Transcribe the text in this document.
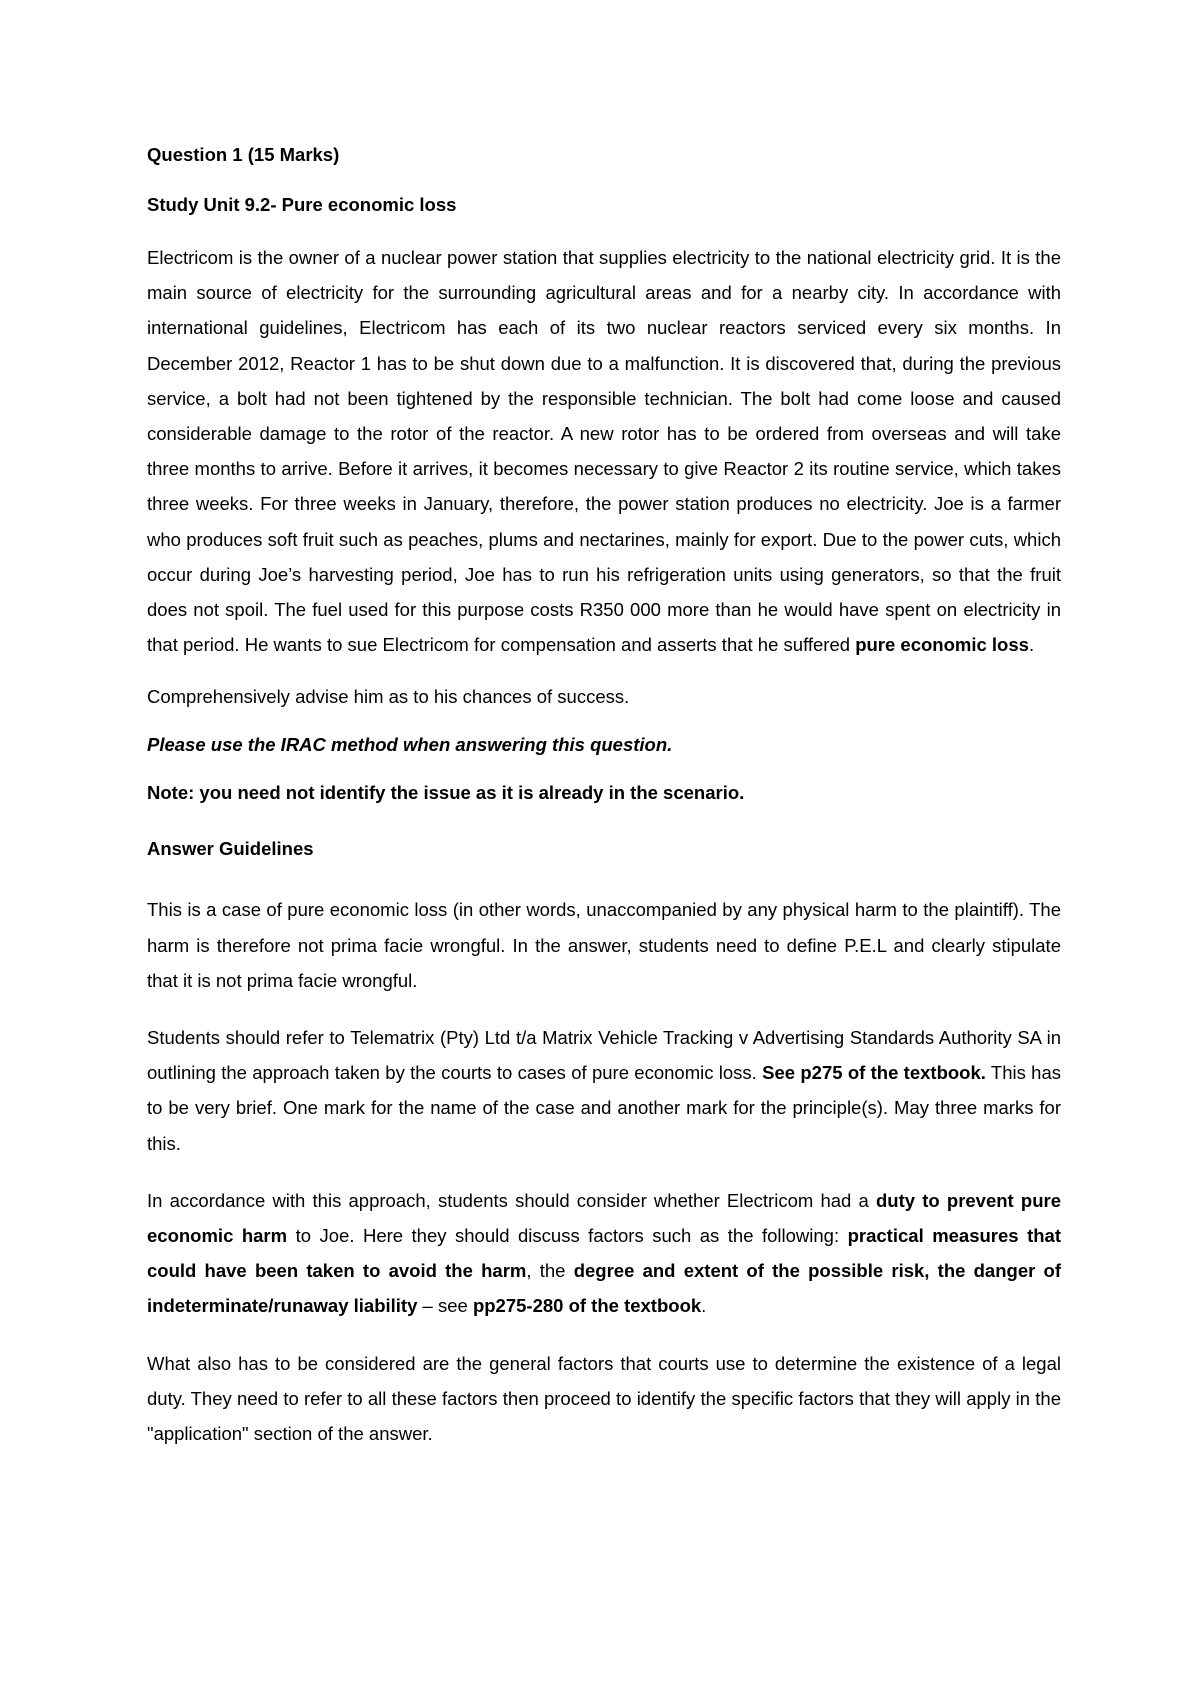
Question 1 (15 Marks)

Study Unit 9.2- Pure economic loss

Electricom is the owner of a nuclear power station that supplies electricity to the national electricity grid. It is the main source of electricity for the surrounding agricultural areas and for a nearby city. In accordance with international guidelines, Electricom has each of its two nuclear reactors serviced every six months. In December 2012, Reactor 1 has to be shut down due to a malfunction. It is discovered that, during the previous service, a bolt had not been tightened by the responsible technician. The bolt had come loose and caused considerable damage to the rotor of the reactor. A new rotor has to be ordered from overseas and will take three months to arrive. Before it arrives, it becomes necessary to give Reactor 2 its routine service, which takes three weeks. For three weeks in January, therefore, the power station produces no electricity. Joe is a farmer who produces soft fruit such as peaches, plums and nectarines, mainly for export. Due to the power cuts, which occur during Joe’s harvesting period, Joe has to run his refrigeration units using generators, so that the fruit does not spoil. The fuel used for this purpose costs R350 000 more than he would have spent on electricity in that period. He wants to sue Electricom for compensation and asserts that he suffered pure economic loss.

Comprehensively advise him as to his chances of success.

Please use the IRAC method when answering this question.

Note: you need not identify the issue as it is already in the scenario.

Answer Guidelines

This is a case of pure economic loss (in other words, unaccompanied by any physical harm to the plaintiff). The harm is therefore not prima facie wrongful. In the answer, students need to define P.E.L and clearly stipulate that it is not prima facie wrongful.

Students should refer to Telematrix (Pty) Ltd t/a Matrix Vehicle Tracking v Advertising Standards Authority SA in outlining the approach taken by the courts to cases of pure economic loss. See p275 of the textbook. This has to be very brief. One mark for the name of the case and another mark for the principle(s). May three marks for this.

In accordance with this approach, students should consider whether Electricom had a duty to prevent pure economic harm to Joe. Here they should discuss factors such as the following: practical measures that could have been taken to avoid the harm, the degree and extent of the possible risk, the danger of indeterminate/runaway liability – see pp275-280 of the textbook.

What also has to be considered are the general factors that courts use to determine the existence of a legal duty. They need to refer to all these factors then proceed to identify the specific factors that they will apply in the "application" section of the answer.
